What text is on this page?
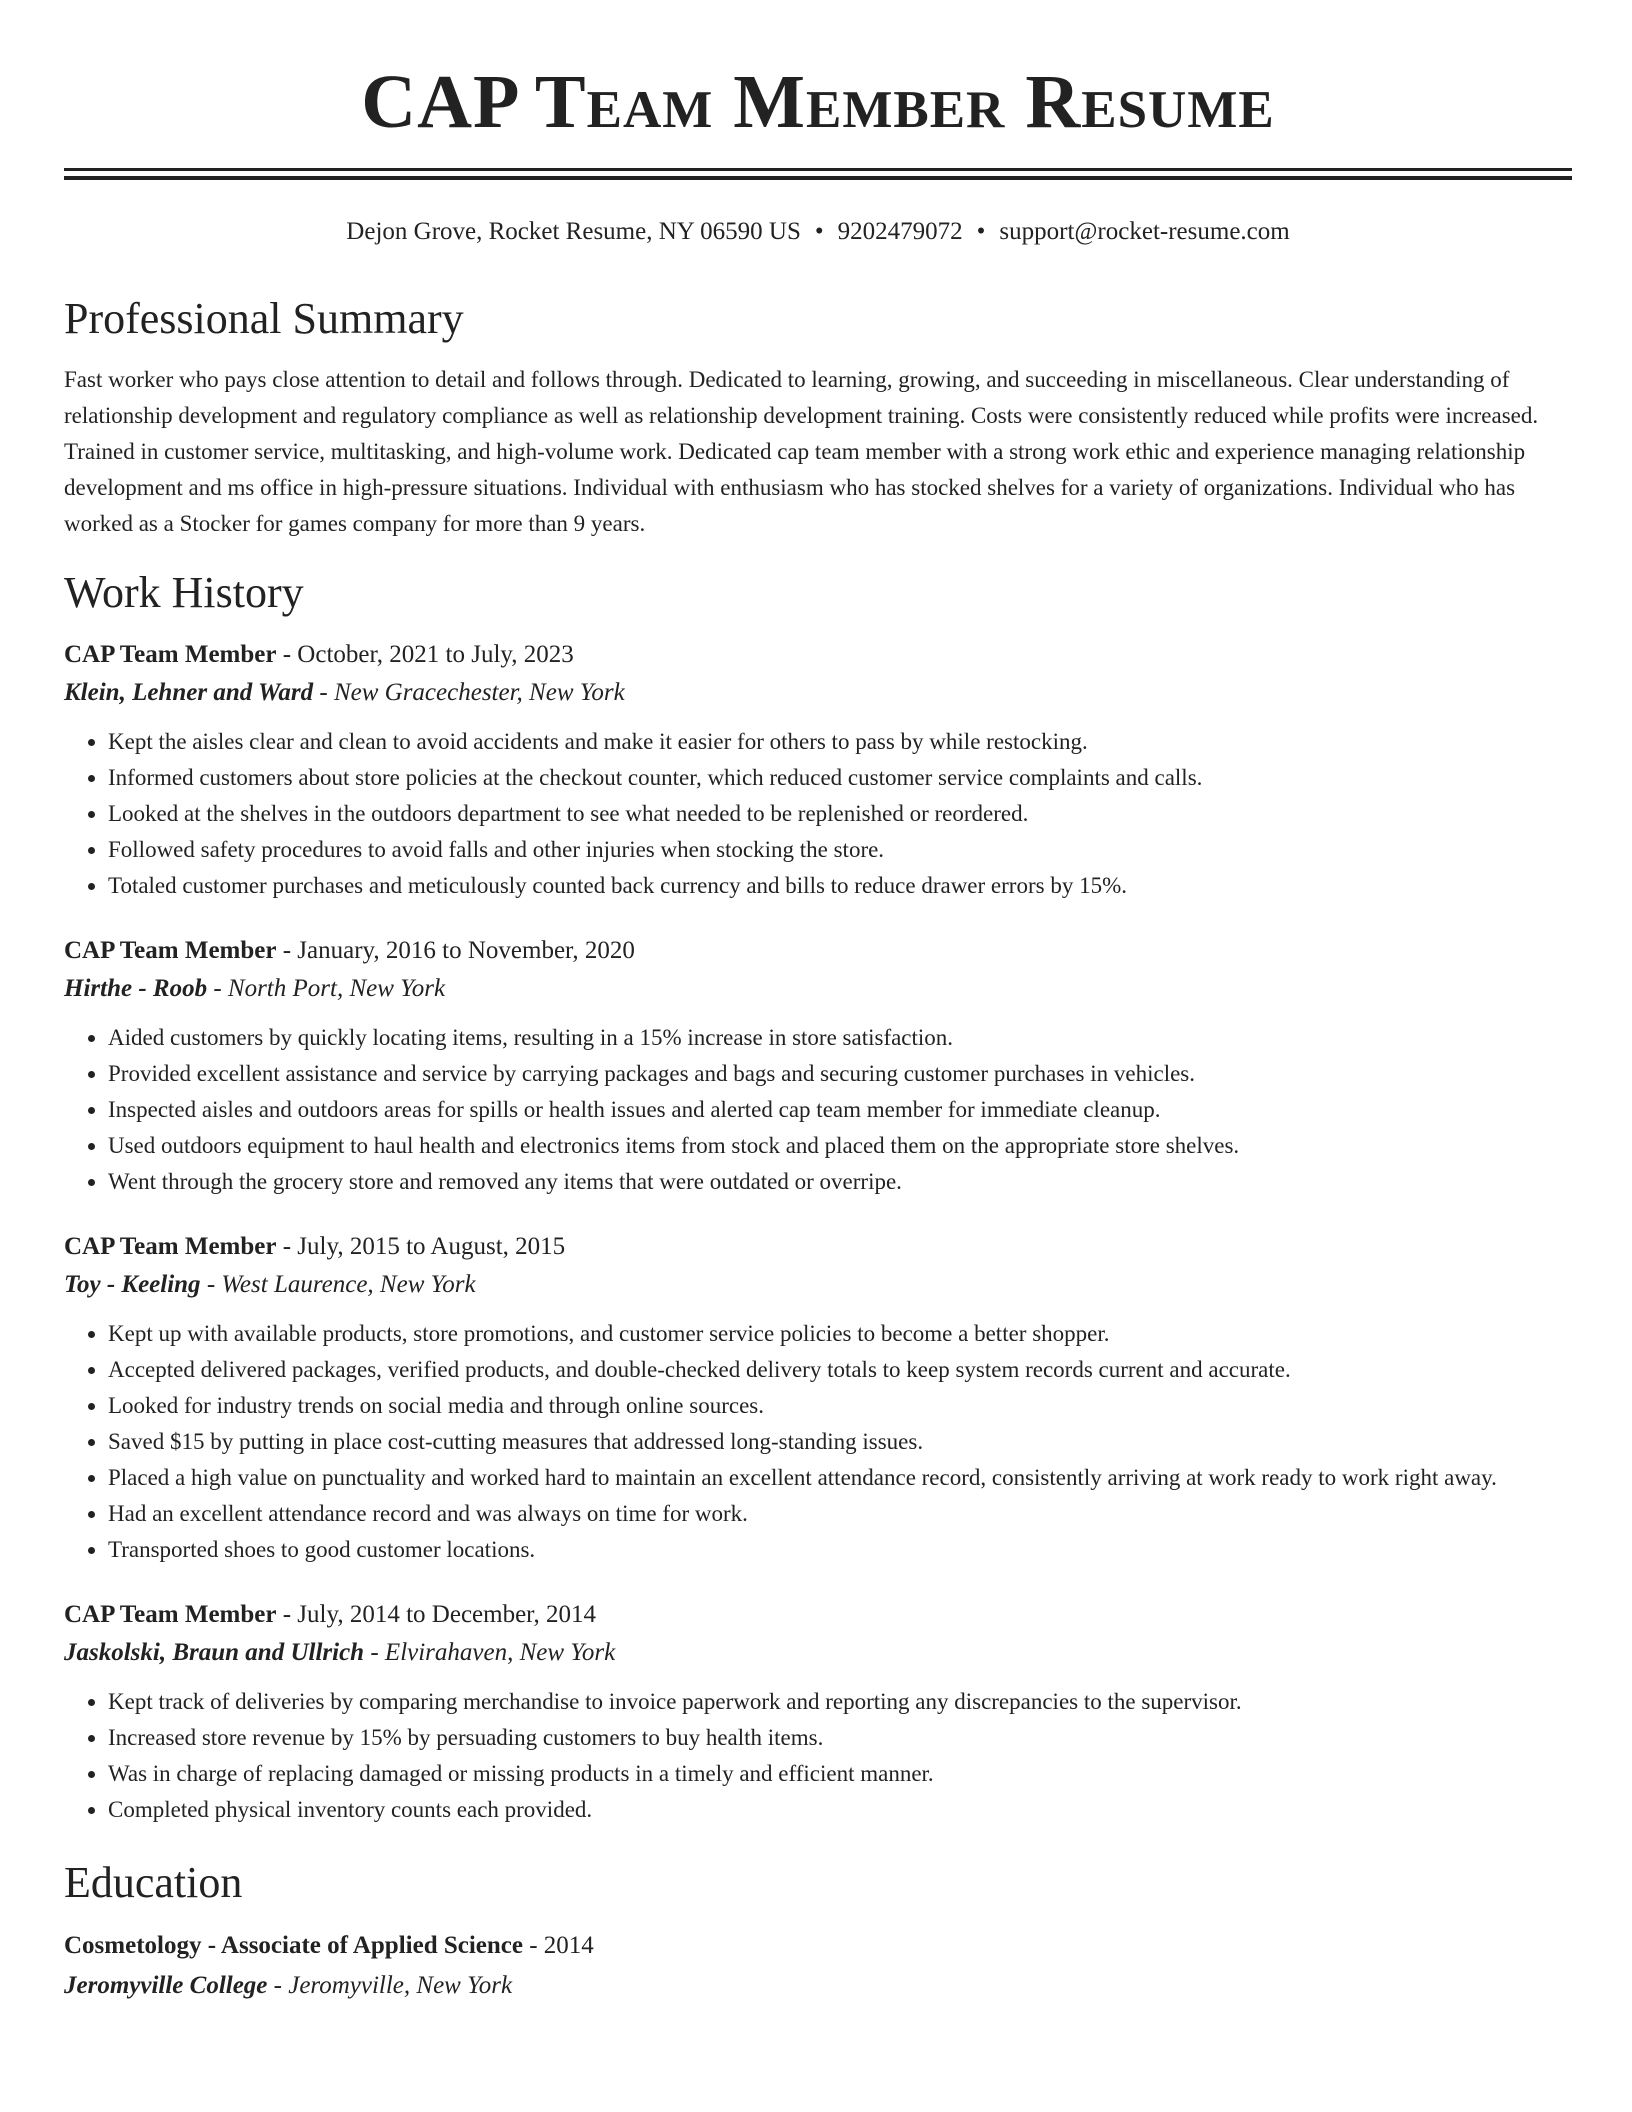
CAP Team Member Resume
Dejon Grove, Rocket Resume, NY 06590 US • 9202479072 • support@rocket-resume.com
Professional Summary

Fast worker who pays close attention to detail and follows through. Dedicated to learning, growing, and succeeding in miscellaneous. Clear understanding of relationship development and regulatory compliance as well as relationship development training. Costs were consistently reduced while profits were increased. Trained in customer service, multitasking, and high-volume work. Dedicated cap team member with a strong work ethic and experience managing relationship development and ms office in high-pressure situations. Individual with enthusiasm who has stocked shelves for a variety of organizations. Individual who has worked as a Stocker for games company for more than 9 years.

Work History
CAP Team Member - October, 2021 to July, 2023
Klein, Lehner and Ward - New Gracechester, New York
• Kept the aisles clear and clean to avoid accidents and make it easier for others to pass by while restocking.
• Informed customers about store policies at the checkout counter, which reduced customer service complaints and calls.
• Looked at the shelves in the outdoors department to see what needed to be replenished or reordered.
• Followed safety procedures to avoid falls and other injuries when stocking the store.
• Totaled customer purchases and meticulously counted back currency and bills to reduce drawer errors by 15%.
CAP Team Member - January, 2016 to November, 2020
Hirthe - Roob - North Port, New York
• Aided customers by quickly locating items, resulting in a 15% increase in store satisfaction.
• Provided excellent assistance and service by carrying packages and bags and securing customer purchases in vehicles.
• Inspected aisles and outdoors areas for spills or health issues and alerted cap team member for immediate cleanup.
• Used outdoors equipment to haul health and electronics items from stock and placed them on the appropriate store shelves.
• Went through the grocery store and removed any items that were outdated or overripe.
CAP Team Member - July, 2015 to August, 2015
Toy - Keeling - West Laurence, New York
• Kept up with available products, store promotions, and customer service policies to become a better shopper.
• Accepted delivered packages, verified products, and double-checked delivery totals to keep system records current and accurate.
• Looked for industry trends on social media and through online sources.
• Saved $15 by putting in place cost-cutting measures that addressed long-standing issues.
• Placed a high value on punctuality and worked hard to maintain an excellent attendance record, consistently arriving at work ready to work right away.
• Had an excellent attendance record and was always on time for work.
• Transported shoes to good customer locations.
CAP Team Member - July, 2014 to December, 2014
Jaskolski, Braun and Ullrich - Elvirahaven, New York
• Kept track of deliveries by comparing merchandise to invoice paperwork and reporting any discrepancies to the supervisor.
• Increased store revenue by 15% by persuading customers to buy health items.
• Was in charge of replacing damaged or missing products in a timely and efficient manner.
• Completed physical inventory counts each provided.
Education
Cosmetology - Associate of Applied Science - 2014
Jeromyville College - Jeromyville, New York
